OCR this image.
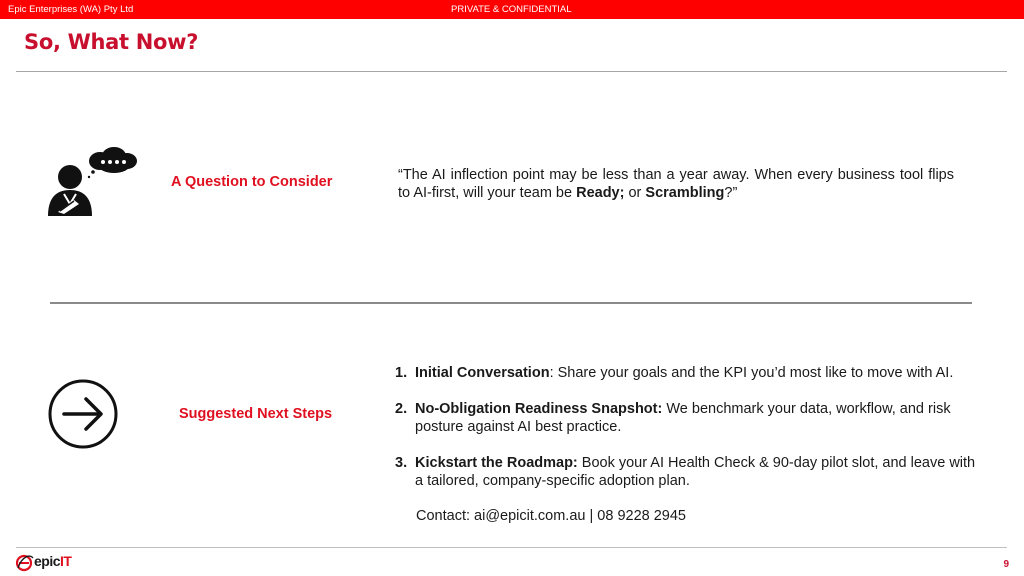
Epic Enterprises (WA) Pty Ltd	PRIVATE & CONFIDENTIAL
So, What Now?
A Question to Consider	“The AI inflection point may be less than a year away. When every business tool flips to AI-first, will your team be Ready; or Scrambling?”
Suggested Next Steps
1. Initial Conversation: Share your goals and the KPI you’d most like to move with AI.
2. No-Obligation Readiness Snapshot: We benchmark your data, workflow, and risk posture against AI best practice.
3. Kickstart the Roadmap: Book your AI Health Check & 90-day pilot slot, and leave with a tailored, company-specific adoption plan.
Contact: ai@epicit.com.au | 08 9228 2945
epicIT	9
